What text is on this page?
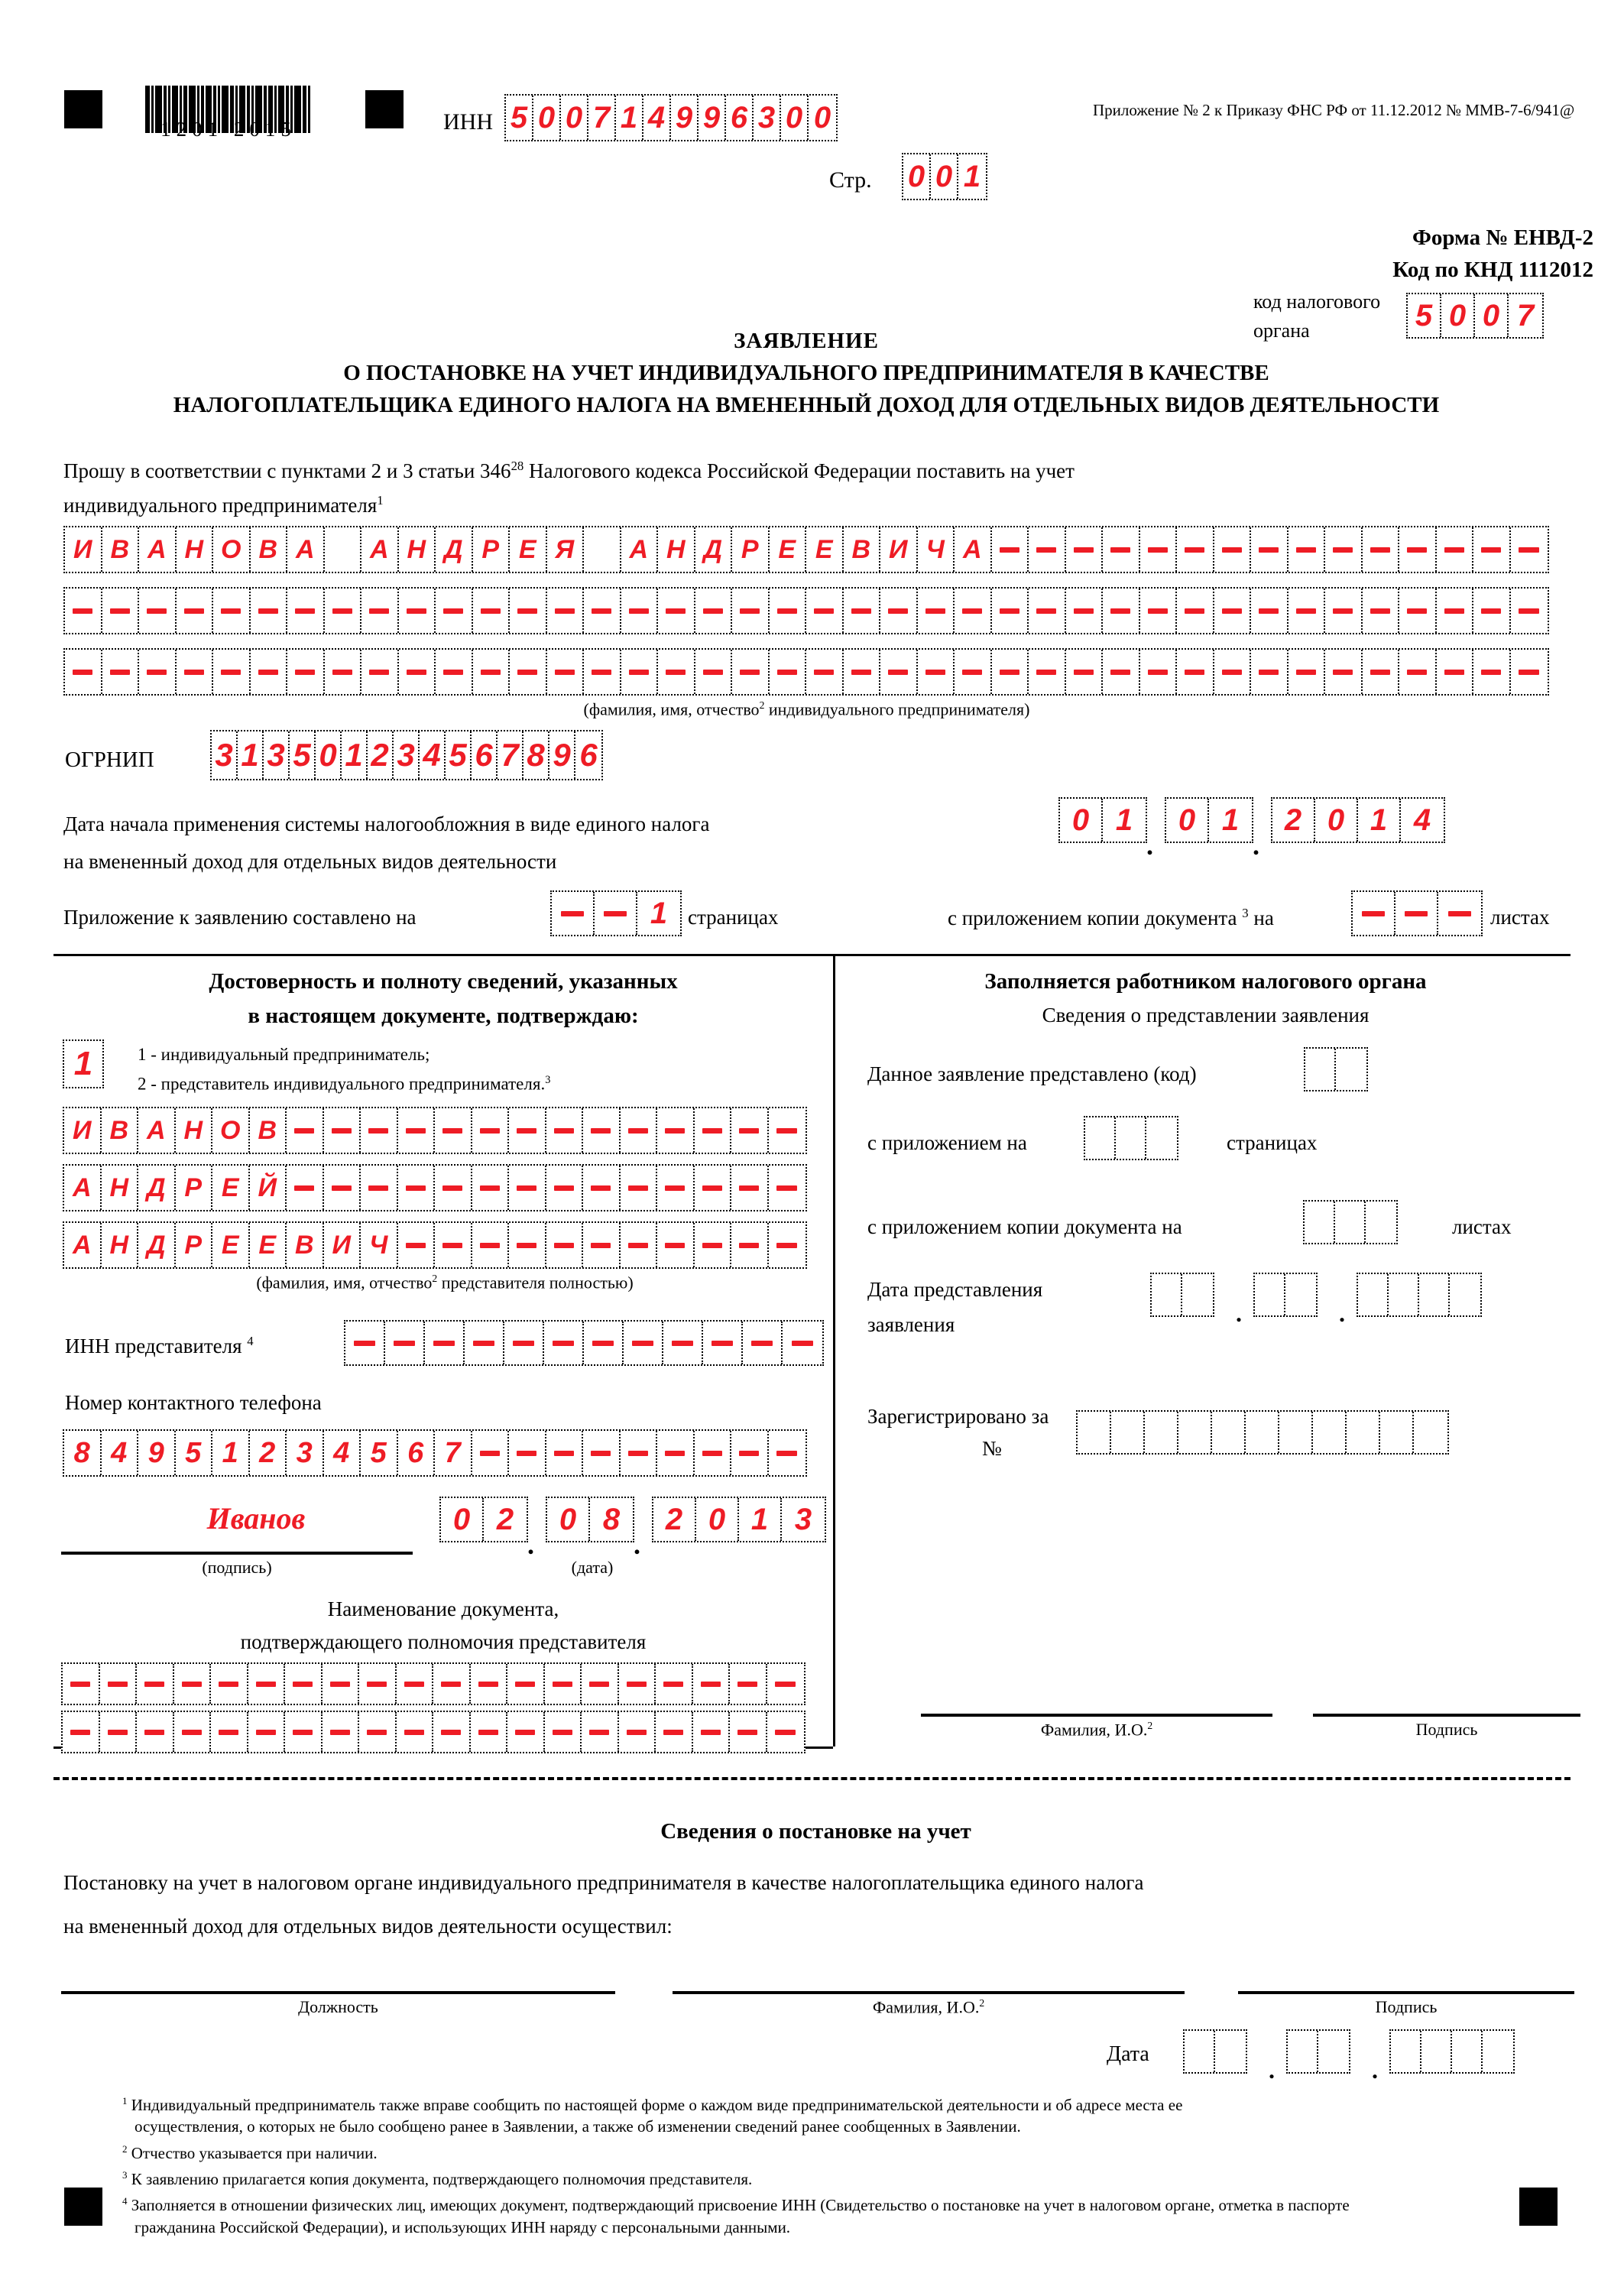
1201 2015	ИНН 5 0 0 7 1 4 9 9 6 3 0 0
Стр. 0 0 1
Приложение № 2 к Приказу ФНС РФ от 11.12.2012 № ММВ-7-6/941@
Форма № ЕНВД-2
Код по КНД 1112012
код налогового
органа	5 0 0 7
ЗАЯВЛЕНИЕ
О ПОСТАНОВКЕ НА УЧЕТ ИНДИВИДУАЛЬНОГО ПРЕДПРИНИМАТЕЛЯ В КАЧЕСТВЕ
НАЛОГОПЛАТЕЛЬЩИКА ЕДИНОГО НАЛОГА НА ВМЕНЕННЫЙ ДОХОД ДЛЯ ОТДЕЛЬНЫХ ВИДОВ ДЕЯТЕЛЬНОСТИ
Прошу в соответствии с пунктами 2 и 3 статьи $346^{28}$ Налогового кодекса Российской Федерации поставить на учет
индивидуального предпринимателя$^1$
И В А Н О В А	А Н Д Р Е Я	А Н Д Р Е Е В И Ч А
(фамилия, имя, отчество$^2$ индивидуального предпринимателя)
ОГРНИП 3 1 3 5 0 1 2 3 4 5 6 7 8 9 6
Дата начала применения системы налогообложния в виде единого налога
на вмененный доход для отдельных видов деятельности
0 1
.
0 1
.
2 0 1 4
Приложение к заявлению составлено на	1 страницах	с приложением копии документа $^3$ на	листах
Достоверность и полноту сведений, указанных
в настоящем документе, подтверждаю:
1	1 - индивидуальный предприниматель;
2 - представитель индивидуального предпринимателя.$^3$
И В А Н О В
А Н Д Р Е Й
А Н Д Р Е Е В И Ч
(фамилия, имя, отчество$^2$ представителя полностью)
ИНН представителя $^4$
Номер контактного телефона
8 4 9 5 1 2 3 4 5 6 7
Иванов
(подпись)
0 2
.
0 8
.
2 0 1 3
(дата)
Наименование документа,
подтверждающего полномочия представителя
Заполняется работником налогового органа
Сведения о представлении заявления
Данное заявление представлено (код)
с приложением на	страницах
с приложением копии документа на	листах
Дата представления
заявления	.	.
Зарегистрировано за
№
Фамилия, И.О.$^2$	Подпись
Сведения о постановке на учет
Постановку на учет в налоговом органе индивидуального предпринимателя в качестве налогоплательщика единого налога
на вмененный доход для отдельных видов деятельности осуществил:
Должность	Фамилия, И.О.$^2$	Подпись
Дата
.	.
$^1$ Индивидуальный предприниматель также вправе сообщить по настоящей форме о каждом виде предпринимательской деятельности и об адресе места ее
осуществления, о которых не было сообщено ранее в Заявлении, а также об изменении сведений ранее сообщенных в Заявлении.
$^2$ Отчество указывается при наличии.
$^3$ К заявлению прилагается копия документа, подтверждающего полномочия представителя.
$^4$ Заполняется в отношении физических лиц, имеющих документ, подтверждающий присвоение ИНН (Свидетельство о постановке на учет в налоговом органе, отметка в паспорте
гражданина Российской Федерации), и использующих ИНН наряду с персональными данными.
